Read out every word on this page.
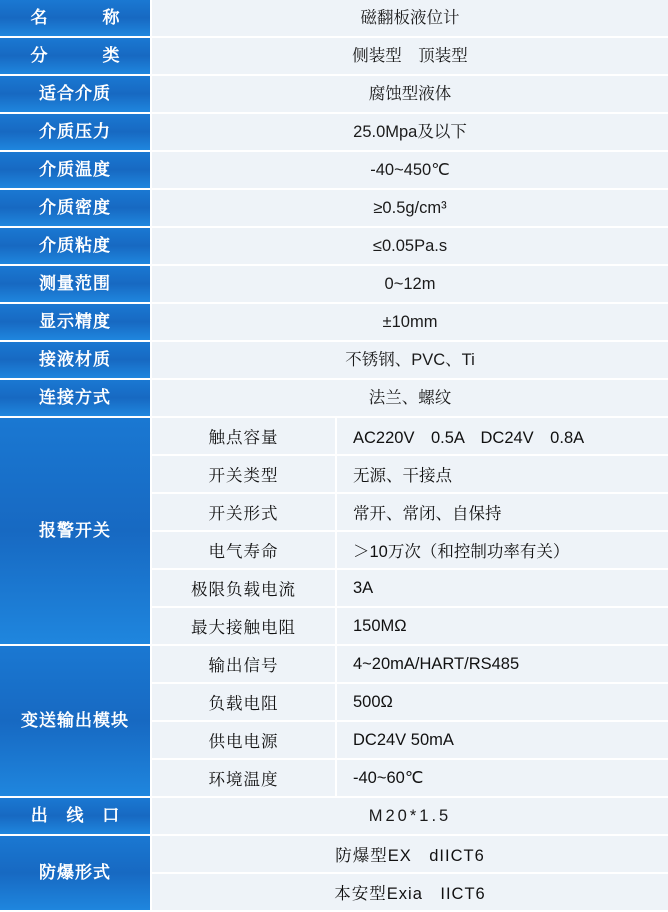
名　　称	磁翻板液位计
分　　类	侧装型　顶装型
适合介质	腐蚀型液体
介质压力	25.0Mpa及以下
介质温度	-40~450℃
介质密度	≥0.5g/cm³
介质粘度	≤0.05Pa.s
测量范围	0~12m
显示精度	±10mm
接液材质	不锈钢、PVC、Ti
连接方式	法兰、螺纹
报警开关
触点容量	AC220V　0.5A　DC24V　0.8A
开关类型	无源、干接点
开关形式	常开、常闭、自保持
电气寿命	＞10万次（和控制功率有关）
极限负载电流	3A
最大接触电阻	150MΩ
变送输出模块
输出信号	4~20mA/HART/RS485
负载电阻	500Ω
供电电源	DC24V 50mA
环境温度	-40~60℃
出 线 口	M20*1.5
防爆形式
防爆型EX　dIICT6
本安型Exia　IICT6
